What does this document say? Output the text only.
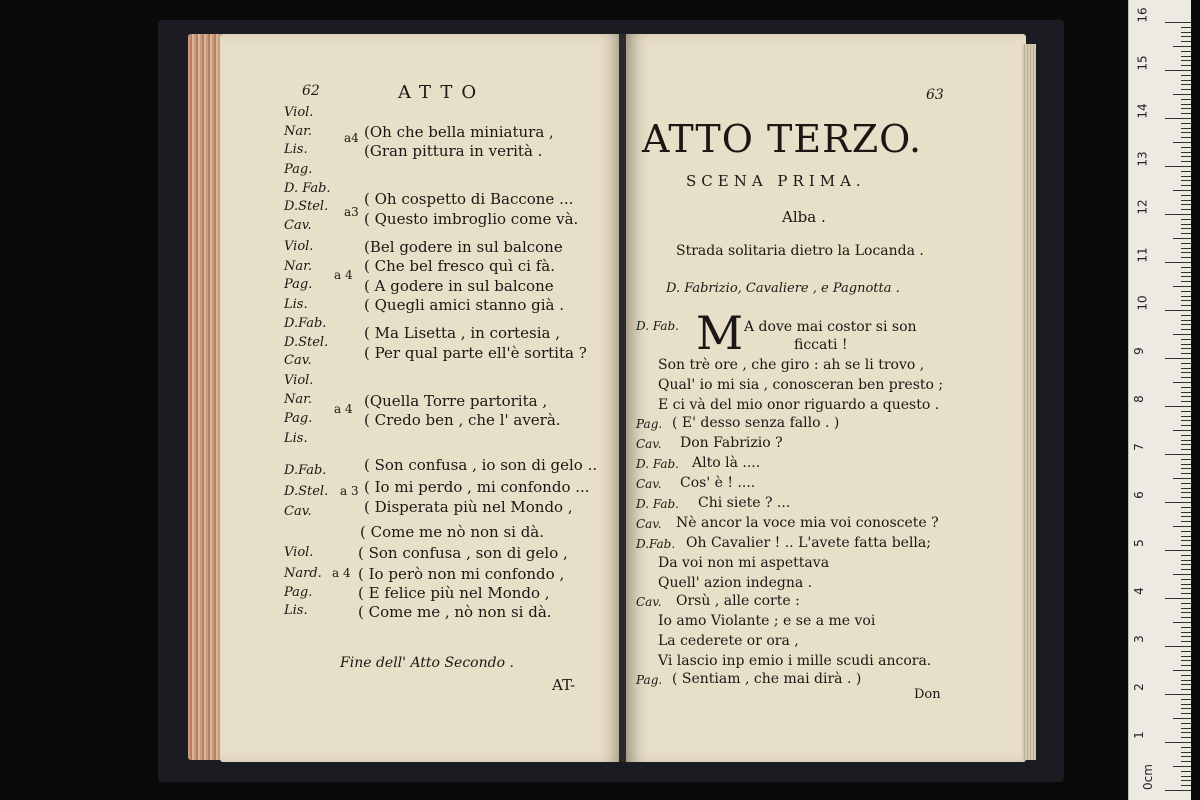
62	ATTO
Viol.
Nar.
Lis.
Pag.
D. Fab.
D.Stel.
Cav.
Viol.
Nar.
Pag.
Lis.
D.Fab.
D.Stel.
Cav.
Viol.
Nar.
Pag.
Lis.
D.Fab.
D.Stel.
Cav.
Viol.
Nard.
Pag.
Lis.
a4
a3
a 4
a 4
a 3
a 4
(Oh che bella miniatura ,
(Gran pittura in verità .
( Oh cospetto di Baccone ...
( Questo imbroglio come và.
(Bel godere in sul balcone
( Che bel fresco quì ci fà.
( A godere in sul balcone
( Quegli amici stanno già .
( Ma Lisetta , in cortesia ,
( Per qual parte ell'è sortita ?
(Quella Torre partorita ,
( Credo ben , che l' averà.
( Son confusa , io son di gelo ..
( Io mi perdo , mi confondo ...
( Disperata più nel Mondo ,
( Come me nò non si dà.
( Son confusa , son di gelo ,
( Io però non mi confondo ,
( E felice più nel Mondo ,
( Come me , nò non si dà.
Fine dell' Atto Secondo .
AT-
63
ATTO TERZO.
SCENA PRIMA.
Alba .
Strada solitaria dietro la Locanda .
D. Fabrizio, Cavaliere , e Pagnotta .
D. Fab. M A dove mai costor si son
ficcati !
Son trè ore , che giro : ah se li trovo ,
Qual' io mi sia , conosceran ben presto ;
E ci và del mio onor riguardo a questo .
Pag. ( E' desso senza fallo . )
Cav. Don Fabrizio ?
D. Fab. Alto là ....
Cav. Cos' è ! ....
D. Fab. Chi siete ? ...
Cav. Nè ancor la voce mia voi conoscete ?
D.Fab. Oh Cavalier ! .. L'avete fatta bella;
Da voi non mi aspettava
Quell' azion indegna .
Cav. Orsù , alle corte :
Io amo Violante ; e se a me voi
La cederete or ora ,
Vi lascio inp emio i mille scudi ancora.
Pag. ( Sentiam , che mai dirà . )
Don
16
15
14
13
12
11
10
9
8
7
6
5
4
3
2
1
0cm
